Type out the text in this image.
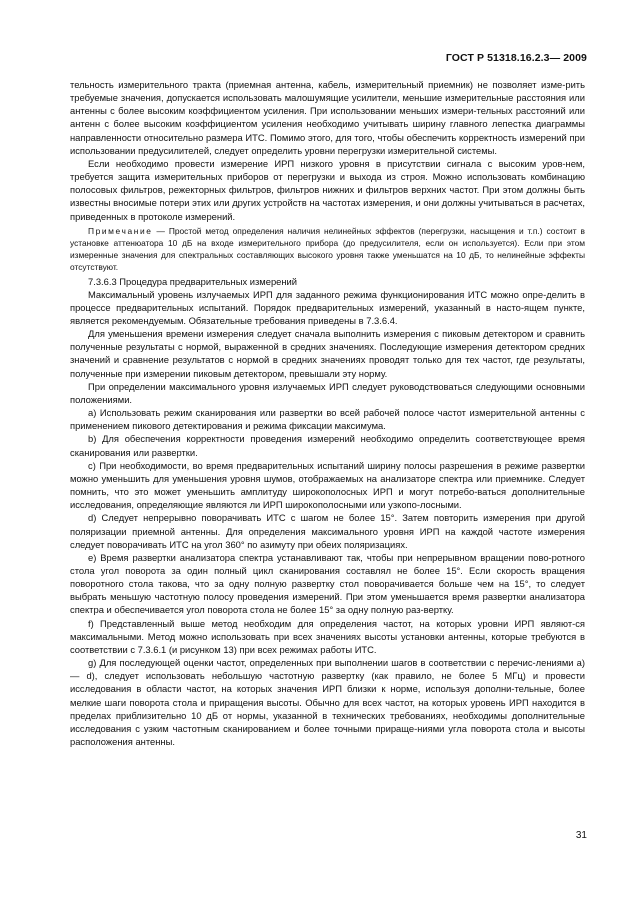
ГОСТ Р 51318.16.2.3— 2009

тельность измерительного тракта (приемная антенна, кабель, измерительный приемник) не позволяет изме-рить требуемые значения, допускается использовать малошумящие усилители, меньшие измерительные расстояния или антенны с более высоким коэффициентом усиления. При использовании меньших измери-тельных расстояний или антенн с более высоким коэффициентом усиления необходимо учитывать ширину главного лепестка диаграммы направленности относительно размера ИТС. Помимо этого, для того, чтобы обеспечить корректность измерений при использовании предусилителей, следует определить уровни перегрузки измерительной системы.

Если необходимо провести измерение ИРП низкого уровня в присутствии сигнала с высоким уров-нем, требуется защита измерительных приборов от перегрузки и выхода из строя. Можно использовать комбинацию полосовых фильтров, режекторных фильтров, фильтров нижних и фильтров верхних частот. При этом должны быть известны вносимые потери этих или других устройств на частотах измерения, и они должны учитываться в расчетах, приведенных в протоколе измерений.

Примечание — Простой метод определения наличия нелинейных эффектов (перегрузки, насыщения и т.п.) состоит в установке аттенюатора 10 дБ на входе измерительного прибора (до предусилителя, если он используется). Если при этом измеренные значения для спектральных составляющих высокого уровня также уменьшатся на 10 дБ, то нелинейные эффекты отсутствуют.

7.3.6.3 Процедура предварительных измерений

Максимальный уровень излучаемых ИРП для заданного режима функционирования ИТС можно опре-делить в процессе предварительных испытаний. Порядок предварительных измерений, указанный в насто-ящем пункте, является рекомендуемым. Обязательные требования приведены в 7.3.6.4.

Для уменьшения времени измерения следует сначала выполнить измерения с пиковым детектором и сравнить полученные результаты с нормой, выраженной в средних значениях. Последующие измерения детектором средних значений и сравнение результатов с нормой в средних значениях проводят только для тех частот, где результаты, полученные при измерении пиковым детектором, превышали эту норму.

При определении максимального уровня излучаемых ИРП следует руководствоваться следующими основными положениями.

а) Использовать режим сканирования или развертки во всей рабочей полосе частот измерительной антенны с применением пикового детектирования и режима фиксации максимума.

b) Для обеспечения корректности проведения измерений необходимо определить соответствующее время сканирования или развертки.

c) При необходимости, во время предварительных испытаний ширину полосы разрешения в режиме развертки можно уменьшить для уменьшения уровня шумов, отображаемых на анализаторе спектра или приемнике. Следует помнить, что это может уменьшить амплитуду широкополосных ИРП и могут потребо-ваться дополнительные исследования, определяющие являются ли ИРП широкополосными или узкопо-лосными.

d) Следует непрерывно поворачивать ИТС с шагом не более 15°. Затем повторить измерения при другой поляризации приемной антенны. Для определения максимального уровня ИРП на каждой частоте измерения следует поворачивать ИТС на угол 360° по азимуту при обеих поляризациях.

e) Время развертки анализатора спектра устанавливают так, чтобы при непрерывном вращении пово-ротного стола угол поворота за один полный цикл сканирования составлял не более 15°. Если скорость вращения поворотного стола такова, что за одну полную развертку стол поворачивается больше чем на 15°, то следует выбрать меньшую частотную полосу проведения измерений. При этом уменьшается время развертки анализатора спектра и обеспечивается угол поворота стола не более 15° за одну полную раз-вертку.

f) Представленный выше метод необходим для определения частот, на которых уровни ИРП являют-ся максимальными. Метод можно использовать при всех значениях высоты установки антенны, которые требуются в соответствии с 7.3.6.1 (и рисунком 13) при всех режимах работы ИТС.

g) Для последующей оценки частот, определенных при выполнении шагов в соответствии с перечис-лениями а) — d), следует использовать небольшую частотную развертку (как правило, не более 5 МГц) и провести исследования в области частот, на которых значения ИРП близки к норме, используя дополни-тельные, более мелкие шаги поворота стола и приращения высоты. Обычно для всех частот, на которых уровень ИРП находится в пределах приблизительно 10 дБ от нормы, указанной в технических требованиях, необходимы дополнительные исследования с узким частотным сканированием и более точными прираще-ниями угла поворота стола и высоты расположения антенны.

31
